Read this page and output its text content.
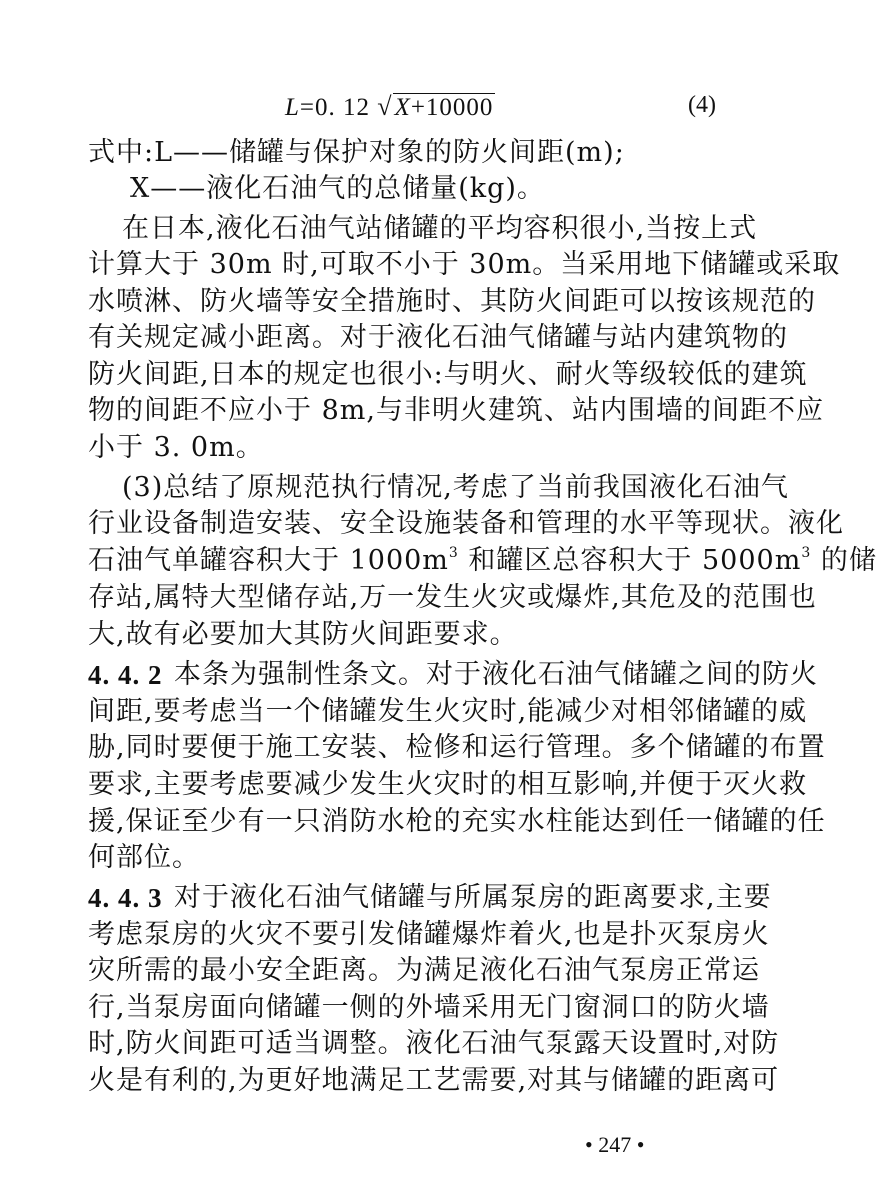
L=0. 12 √X+10000	(4)
式中:L——储罐与保护对象的防火间距(m);
X——液化石油气的总储量(kg)。
在日本,液化石油气站储罐的平均容积很小,当按上式
计算大于 30m 时,可取不小于 30m。当采用地下储罐或采取
水喷淋、防火墙等安全措施时、其防火间距可以按该规范的
有关规定减小距离。对于液化石油气储罐与站内建筑物的
防火间距,日本的规定也很小:与明火、耐火等级较低的建筑
物的间距不应小于 8m,与非明火建筑、站内围墙的间距不应
小于 3. 0m。
(3)总结了原规范执行情况,考虑了当前我国液化石油气
行业设备制造安装、安全设施装备和管理的水平等现状。液化
石油气单罐容积大于 $1000m^3$ 和罐区总容积大于 $5000m^3$ 的储
存站,属特大型储存站,万一发生火灾或爆炸,其危及的范围也
大,故有必要加大其防火间距要求。
4. 4. 2 本条为强制性条文。对于液化石油气储罐之间的防火
间距,要考虑当一个储罐发生火灾时,能减少对相邻储罐的威
胁,同时要便于施工安装、检修和运行管理。多个储罐的布置
要求,主要考虑要减少发生火灾时的相互影响,并便于灭火救
援,保证至少有一只消防水枪的充实水柱能达到任一储罐的任
何部位。
4. 4. 3 对于液化石油气储罐与所属泵房的距离要求,主要
考虑泵房的火灾不要引发储罐爆炸着火,也是扑灭泵房火
灾所需的最小安全距离。为满足液化石油气泵房正常运
行,当泵房面向储罐一侧的外墙采用无门窗洞口的防火墙
时,防火间距可适当调整。液化石油气泵露天设置时,对防
火是有利的,为更好地满足工艺需要,对其与储罐的距离可
• 247 •
